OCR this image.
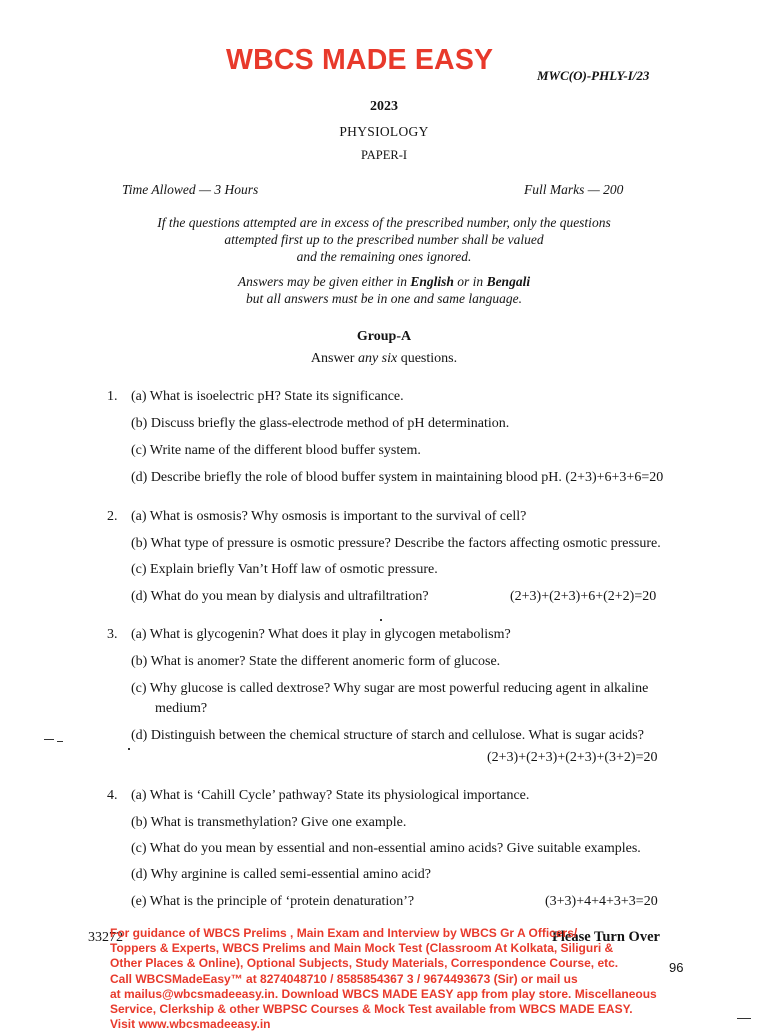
WBCS MADE EASY	MWC(O)-PHLY-I/23
2023
PHYSIOLOGY
PAPER-I
Time Allowed — 3 Hours	Full Marks — 200
If the questions attempted are in excess of the prescribed number, only the questions
attempted first up to the prescribed number shall be valued
and the remaining ones ignored.
Answers may be given either in English or in Bengali
but all answers must be in one and same language.
Group-A
Answer any six questions.
1. (a) What is isoelectric pH? State its significance.
(b) Discuss briefly the glass-electrode method of pH determination.
(c) Write name of the different blood buffer system.
(d) Describe briefly the role of blood buffer system in maintaining blood pH. (2+3)+6+3+6=20
2. (a) What is osmosis? Why osmosis is important to the survival of cell?
(b) What type of pressure is osmotic pressure? Describe the factors affecting osmotic pressure.
(c) Explain briefly Van’t Hoff law of osmotic pressure.
(d) What do you mean by dialysis and ultrafiltration?	(2+3)+(2+3)+6+(2+2)=20
3. (a) What is glycogenin? What does it play in glycogen metabolism?
(b) What is anomer? State the different anomeric form of glucose.
(c) Why glucose is called dextrose? Why sugar are most powerful reducing agent in alkaline
medium?
(d) Distinguish between the chemical structure of starch and cellulose. What is sugar acids?
(2+3)+(2+3)+(2+3)+(3+2)=20
4. (a) What is ‘Cahill Cycle’ pathway? State its physiological importance.
(b) What is transmethylation? Give one example.
(c) What do you mean by essential and non-essential amino acids? Give suitable examples.
(d) Why arginine is called semi-essential amino acid?
(e) What is the principle of ‘protein denaturation’?	(3+3)+4+4+3+3=20
33272	Please Turn Over
96
For guidance of WBCS Prelims , Main Exam and Interview by WBCS Gr A Officers/
Toppers & Experts, WBCS Prelims and Main Mock Test (Classroom At Kolkata, Siliguri &
Other Places & Online), Optional Subjects, Study Materials, Correspondence Course, etc.
Call WBCSMadeEasy™ at 8274048710 / 8585854367 3 / 9674493673 (Sir) or mail us
at mailus@wbcsmadeeasy.in. Download WBCS MADE EASY app from play store. Miscellaneous
Service, Clerkship & other WBPSC Courses & Mock Test available from WBCS MADE EASY.
Visit www.wbcsmadeeasy.in
